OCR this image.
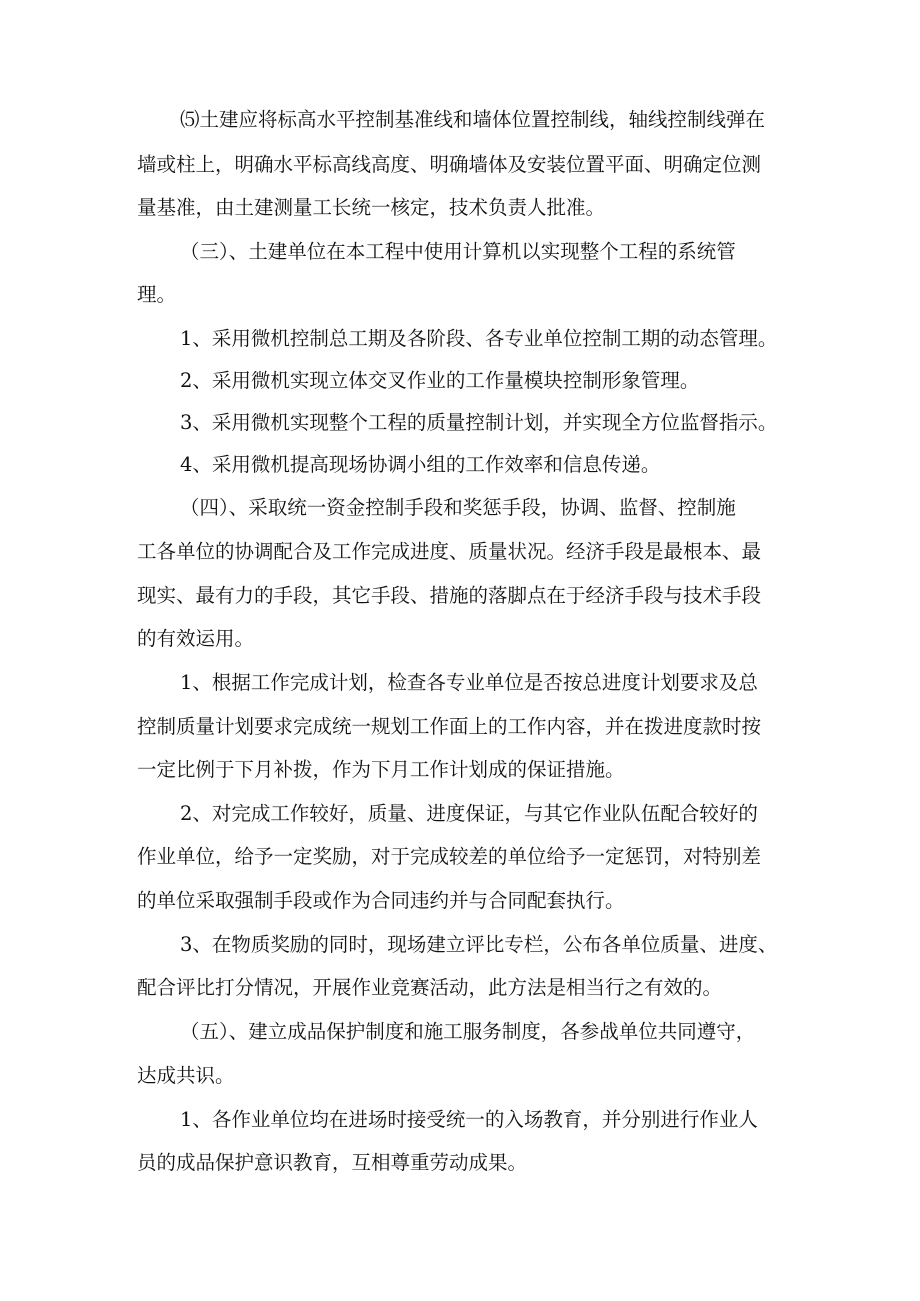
⑸土建应将标高水平控制基准线和墙体位置控制线，轴线控制线弹在
墙或柱上，明确水平标高线高度、明确墙体及安装位置平面、明确定位测
量基准，由土建测量工长统一核定，技术负责人批准。
（三）、土建单位在本工程中使用计算机以实现整个工程的系统管
理。
1、采用微机控制总工期及各阶段、各专业单位控制工期的动态管理。
2、采用微机实现立体交叉作业的工作量模块控制形象管理。
3、采用微机实现整个工程的质量控制计划，并实现全方位监督指示。
4、采用微机提高现场协调小组的工作效率和信息传递。
（四）、采取统一资金控制手段和奖惩手段，协调、监督、控制施
工各单位的协调配合及工作完成进度、质量状况。经济手段是最根本、最
现实、最有力的手段，其它手段、措施的落脚点在于经济手段与技术手段
的有效运用。
1、根据工作完成计划，检查各专业单位是否按总进度计划要求及总
控制质量计划要求完成统一规划工作面上的工作内容，并在拨进度款时按
一定比例于下月补拨，作为下月工作计划成的保证措施。
2、对完成工作较好，质量、进度保证，与其它作业队伍配合较好的
作业单位，给予一定奖励，对于完成较差的单位给予一定惩罚，对特别差
的单位采取强制手段或作为合同违约并与合同配套执行。
3、在物质奖励的同时，现场建立评比专栏，公布各单位质量、进度、
配合评比打分情况，开展作业竞赛活动，此方法是相当行之有效的。
（五）、建立成品保护制度和施工服务制度，各参战单位共同遵守，
达成共识。
1、各作业单位均在进场时接受统一的入场教育，并分别进行作业人
员的成品保护意识教育，互相尊重劳动成果。
